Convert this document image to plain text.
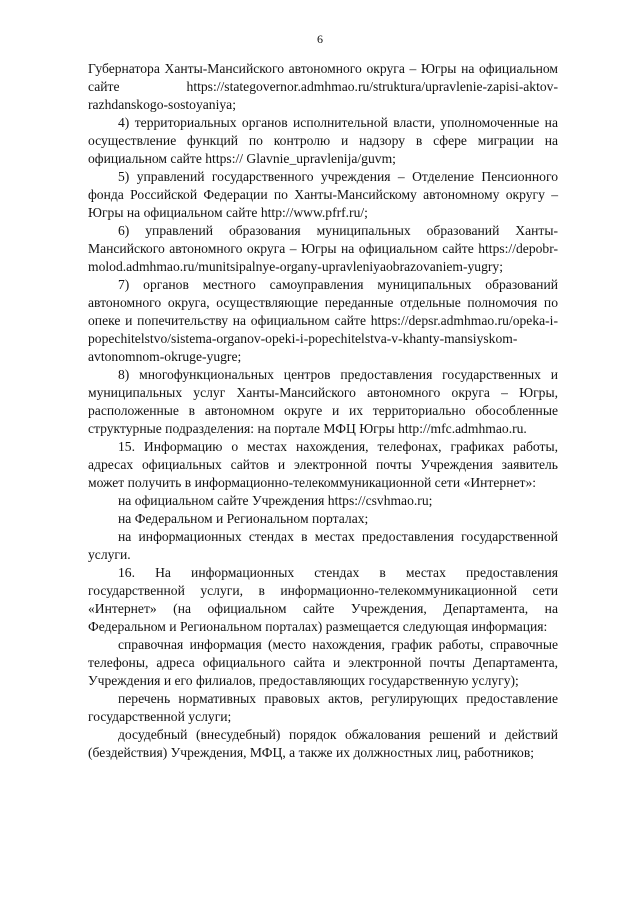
6

Губернатора Ханты-Мансийского автономного округа – Югры на официальном сайте https://stategovernor.admhmao.ru/struktura/upravlenie-zapisi-aktov-razhdanskogo-sostoyaniya;

4) территориальных органов исполнительной власти, уполномоченные на осуществление функций по контролю и надзору в сфере миграции на официальном сайте https:// Glavnie_upravlenija/guvm;

5) управлений государственного учреждения – Отделение Пенсионного фонда Российской Федерации по Ханты-Мансийскому автономному округу – Югры на официальном сайте http://www.pfrf.ru/;

6) управлений образования муниципальных образований Ханты-Мансийского автономного округа – Югры на официальном сайте https://depobr-molod.admhmao.ru/munitsipalnye-organy-upravleniyaobrazovaniem-yugry;

7) органов местного самоуправления муниципальных образований автономного округа, осуществляющие переданные отдельные полномочия по опеке и попечительству на официальном сайте https://depsr.admhmao.ru/opeka-i-popechitelstvo/sistema-organov-opeki-i-popechitelstva-v-khanty-mansiyskom-avtonomnom-okruge-yugre;

8) многофункциональных центров предоставления государственных и муниципальных услуг Ханты-Мансийского автономного округа – Югры, расположенные в автономном округе и их территориально обособленные структурные подразделения: на портале МФЦ Югры http://mfc.admhmao.ru.

15. Информацию о местах нахождения, телефонах, графиках работы, адресах официальных сайтов и электронной почты Учреждения заявитель может получить в информационно-телекоммуникационной сети «Интернет»:

на официальном сайте Учреждения https://csvhmao.ru;

на Федеральном и Региональном порталах;

на информационных стендах в местах предоставления государственной услуги.

16. На информационных стендах в местах предоставления государственной услуги, в информационно-телекоммуникационной сети «Интернет» (на официальном сайте Учреждения, Департамента, на Федеральном и Региональном порталах) размещается следующая информация:

справочная информация (место нахождения, график работы, справочные телефоны, адреса официального сайта и электронной почты Департамента, Учреждения и его филиалов, предоставляющих государственную услугу);

перечень нормативных правовых актов, регулирующих предоставление государственной услуги;

досудебный (внесудебный) порядок обжалования решений и действий (бездействия) Учреждения, МФЦ, а также их должностных лиц, работников;
